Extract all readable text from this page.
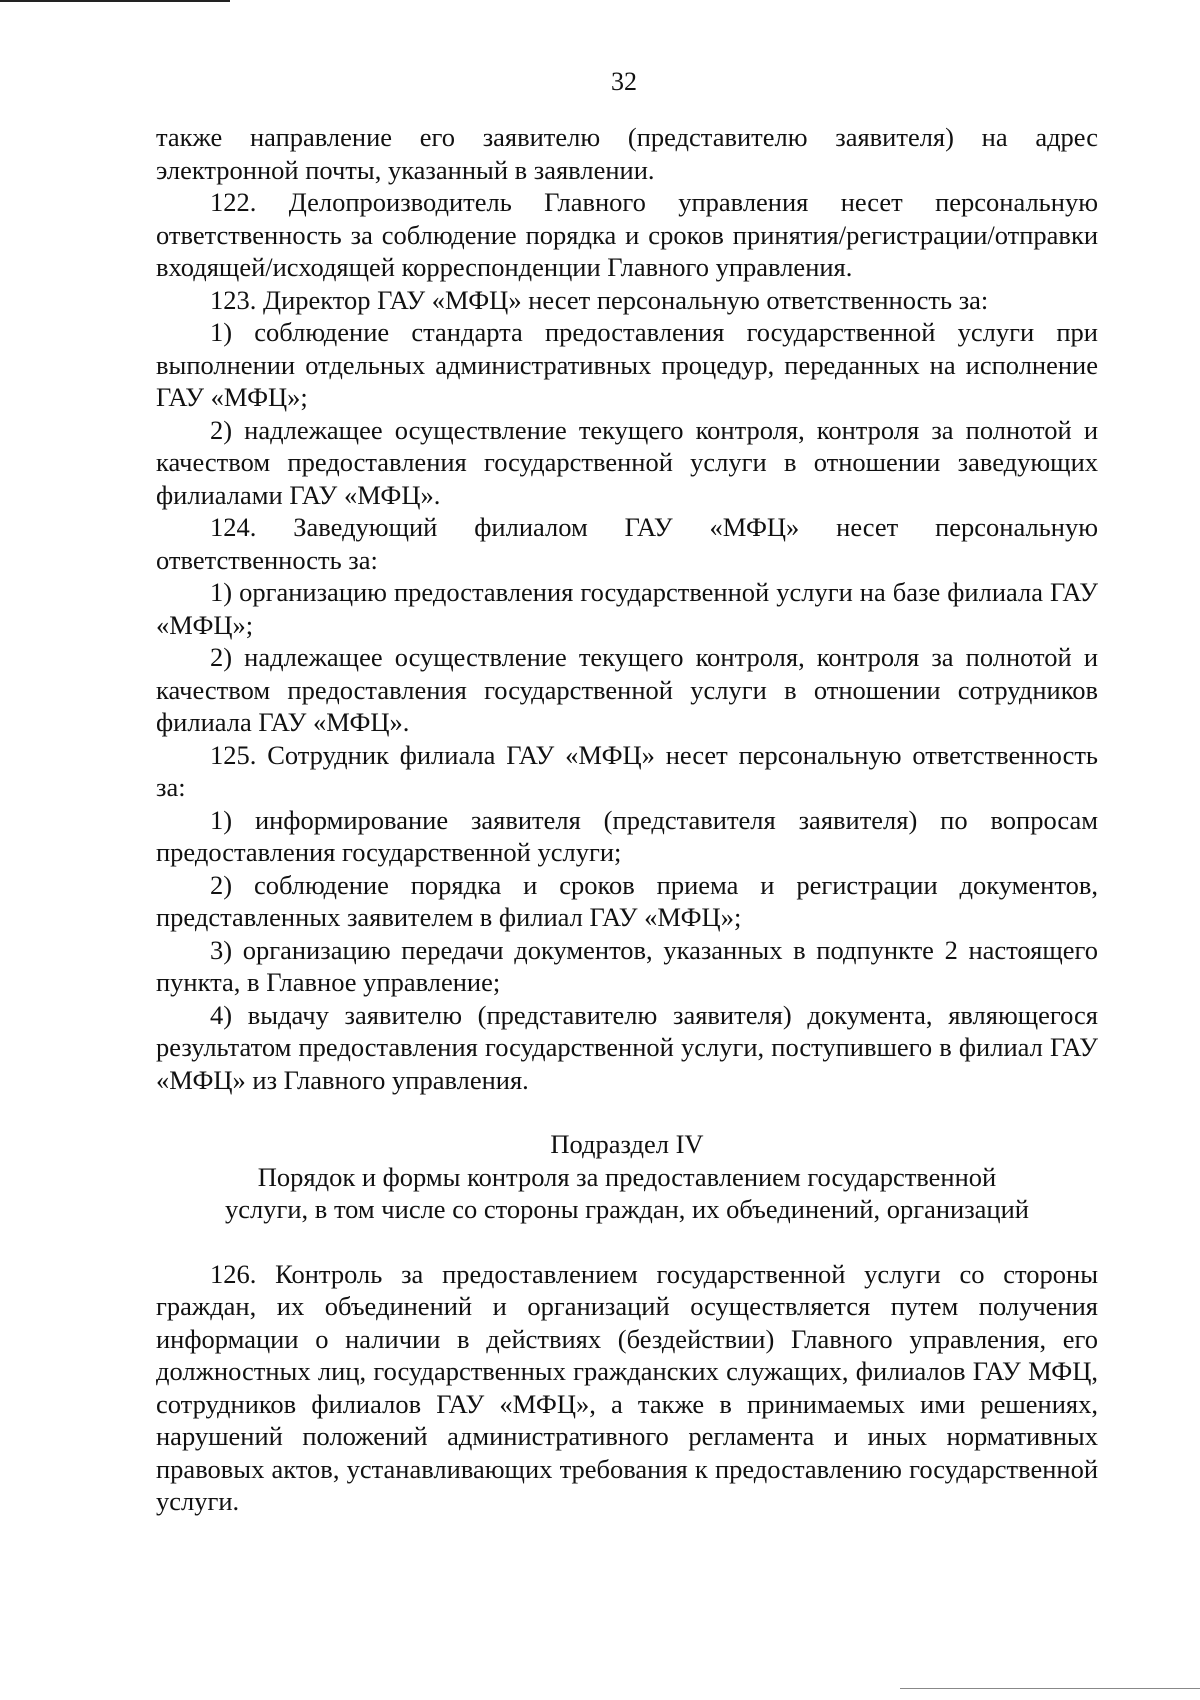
32

также направление его заявителю (представителю заявителя) на адрес электронной почты, указанный в заявлении.

122. Делопроизводитель Главного управления несет персональную ответственность за соблюдение порядка и сроков принятия/регистрации/отправки входящей/исходящей корреспонденции Главного управления.

123. Директор ГАУ «МФЦ» несет персональную ответственность за:

1) соблюдение стандарта предоставления государственной услуги при выполнении отдельных административных процедур, переданных на исполнение ГАУ «МФЦ»;

2) надлежащее осуществление текущего контроля, контроля за полнотой и качеством предоставления государственной услуги в отношении заведующих филиалами ГАУ «МФЦ».

124. Заведующий филиалом ГАУ «МФЦ» несет персональную ответственность за:

1) организацию предоставления государственной услуги на базе филиала ГАУ «МФЦ»;

2) надлежащее осуществление текущего контроля, контроля за полнотой и качеством предоставления государственной услуги в отношении сотрудников филиала ГАУ «МФЦ».

125. Сотрудник филиала ГАУ «МФЦ» несет персональную ответственность за:

1) информирование заявителя (представителя заявителя) по вопросам предоставления государственной услуги;

2) соблюдение порядка и сроков приема и регистрации документов, представленных заявителем в филиал ГАУ «МФЦ»;

3) организацию передачи документов, указанных в подпункте 2 настоящего пункта, в Главное управление;

4) выдачу заявителю (представителю заявителя) документа, являющегося результатом предоставления государственной услуги, поступившего в филиал ГАУ «МФЦ» из Главного управления.

Подраздел IV

Порядок и формы контроля за предоставлением государственной
услуги, в том числе со стороны граждан, их объединений, организаций

126. Контроль за предоставлением государственной услуги со стороны граждан, их объединений и организаций осуществляется путем получения информации о наличии в действиях (бездействии) Главного управления, его должностных лиц, государственных гражданских служащих, филиалов ГАУ МФЦ, сотрудников филиалов ГАУ «МФЦ», а также в принимаемых ими решениях, нарушений положений административного регламента и иных нормативных правовых актов, устанавливающих требования к предоставлению государственной услуги.
